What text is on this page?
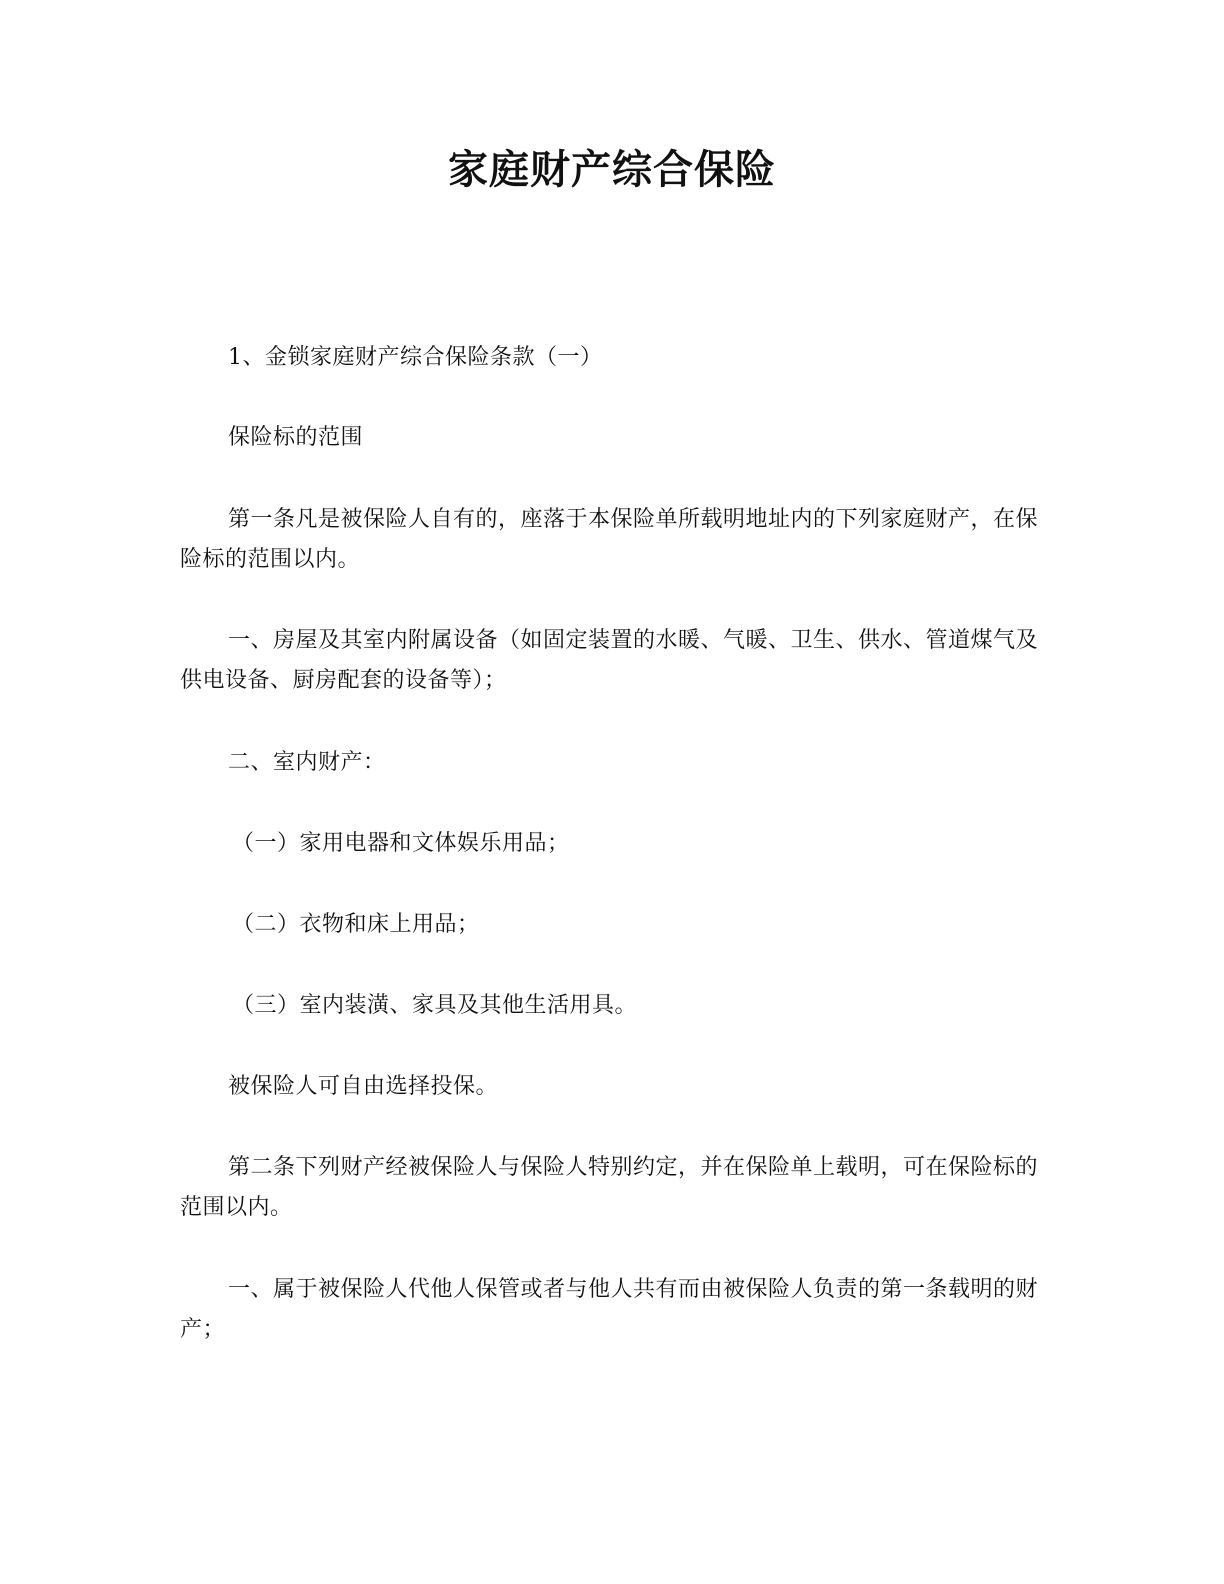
家庭财产综合保险

1、金锁家庭财产综合保险条款（一）

保险标的范围

第一条凡是被保险人自有的，座落于本保险单所载明地址内的下列家庭财产，在保险标的范围以内。

一、房屋及其室内附属设备（如固定装置的水暖、气暖、卫生、供水、管道煤气及供电设备、厨房配套的设备等）；

二、室内财产：

（一）家用电器和文体娱乐用品；

（二）衣物和床上用品；

（三）室内装潢、家具及其他生活用具。

被保险人可自由选择投保。

第二条下列财产经被保险人与保险人特别约定，并在保险单上载明，可在保险标的范围以内。

一、属于被保险人代他人保管或者与他人共有而由被保险人负责的第一条载明的财产；
